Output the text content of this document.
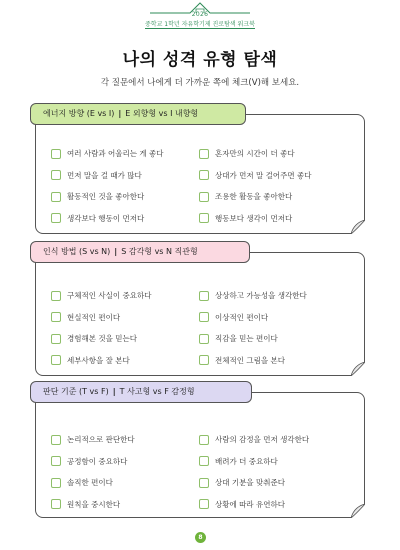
2026
중학교 1학년 자유학기제 진로탐색 워크북
나의 성격 유형 탐색
각 질문에서 나에게 더 가까운 쪽에 체크(V)해 보세요.
에너지 방향 (E vs I) | E 외향형 vs I 내향형
여러 사람과 어울리는 게 좋다
먼저 말을 걸 때가 많다
활동적인 것을 좋아한다
생각보다 행동이 먼저다
혼자만의 시간이 더 좋다
상대가 먼저 말 걸어주면 좋다
조용한 활동을 좋아한다
행동보다 생각이 먼저다
인식 방법 (S vs N) | S 감각형 vs N 직관형
구체적인 사실이 중요하다
현실적인 편이다
경험해본 것을 믿는다
세부사항을 잘 본다
상상하고 가능성을 생각한다
이상적인 편이다
직감을 믿는 편이다
전체적인 그림을 본다
판단 기준 (T vs F) | T 사고형 vs F 감정형
논리적으로 판단한다
공정함이 중요하다
솔직한 편이다
원칙을 중시한다
사람의 감정을 먼저 생각한다
배려가 더 중요하다
상대 기분을 맞춰준다
상황에 따라 유연하다
8
